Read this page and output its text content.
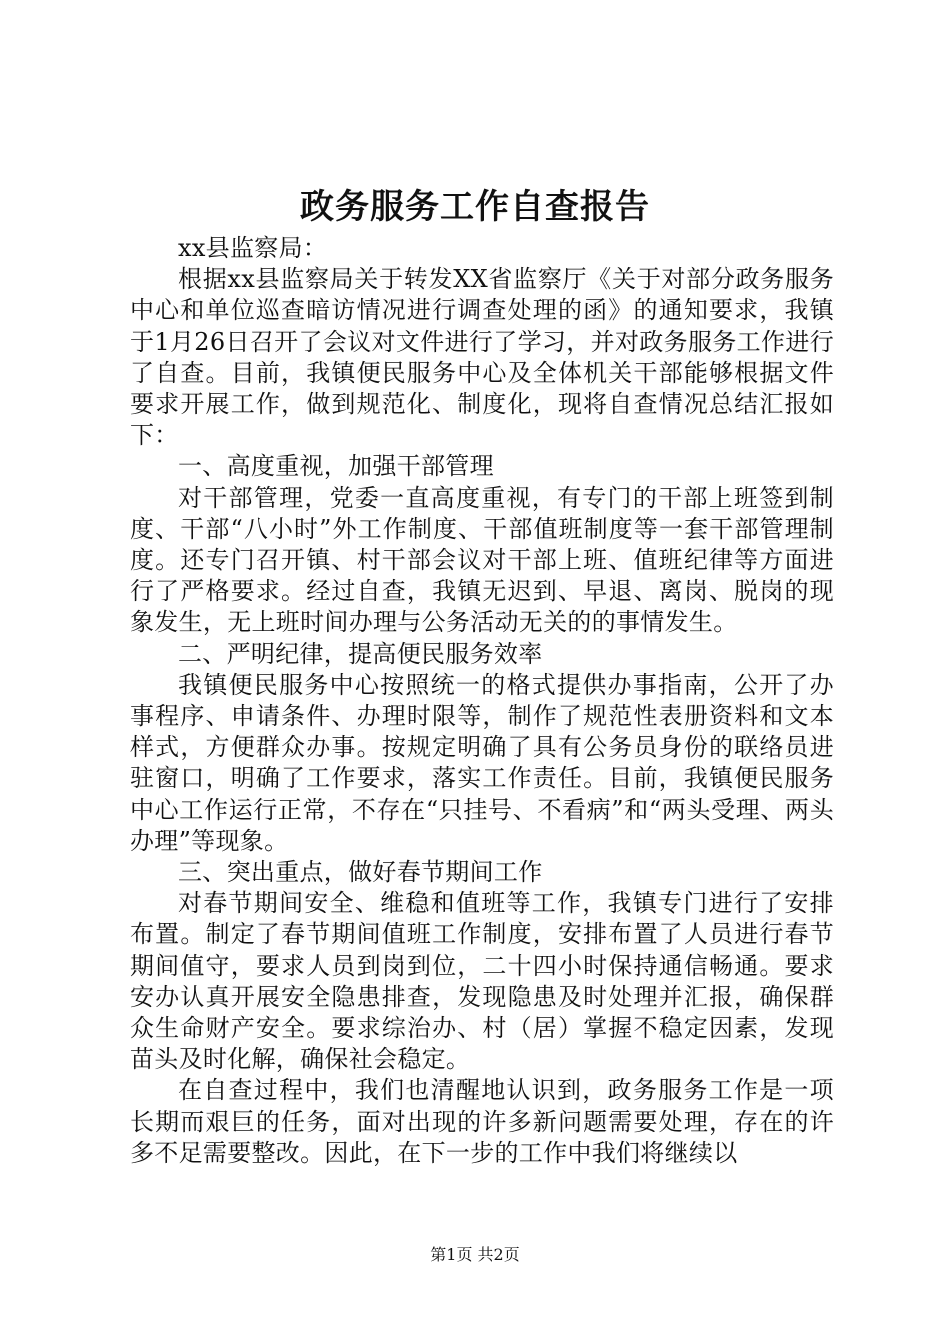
政务服务工作自查报告

xx县监察局：

根据xx县监察局关于转发XX省监察厅《关于对部分政务服务中心和单位巡查暗访情况进行调查处理的函》的通知要求，我镇于1月26日召开了会议对文件进行了学习，并对政务服务工作进行了自查。目前，我镇便民服务中心及全体机关干部能够根据文件要求开展工作，做到规范化、制度化，现将自查情况总结汇报如下：

一、高度重视，加强干部管理

对干部管理，党委一直高度重视，有专门的干部上班签到制度、干部“八小时”外工作制度、干部值班制度等一套干部管理制度。还专门召开镇、村干部会议对干部上班、值班纪律等方面进行了严格要求。经过自查，我镇无迟到、早退、离岗、脱岗的现象发生，无上班时间办理与公务活动无关的的事情发生。

二、严明纪律，提高便民服务效率

我镇便民服务中心按照统一的格式提供办事指南，公开了办事程序、申请条件、办理时限等，制作了规范性表册资料和文本样式，方便群众办事。按规定明确了具有公务员身份的联络员进驻窗口，明确了工作要求，落实工作责任。目前，我镇便民服务中心工作运行正常，不存在“只挂号、不看病”和“两头受理、两头办理”等现象。

三、突出重点，做好春节期间工作

对春节期间安全、维稳和值班等工作，我镇专门进行了安排布置。制定了春节期间值班工作制度，安排布置了人员进行春节期间值守，要求人员到岗到位，二十四小时保持通信畅通。要求安办认真开展安全隐患排查，发现隐患及时处理并汇报，确保群众生命财产安全。要求综治办、村（居）掌握不稳定因素，发现苗头及时化解，确保社会稳定。

在自查过程中，我们也清醒地认识到，政务服务工作是一项长期而艰巨的任务，面对出现的许多新问题需要处理，存在的许多不足需要整改。因此，在下一步的工作中我们将继续以

第1页 共2页
